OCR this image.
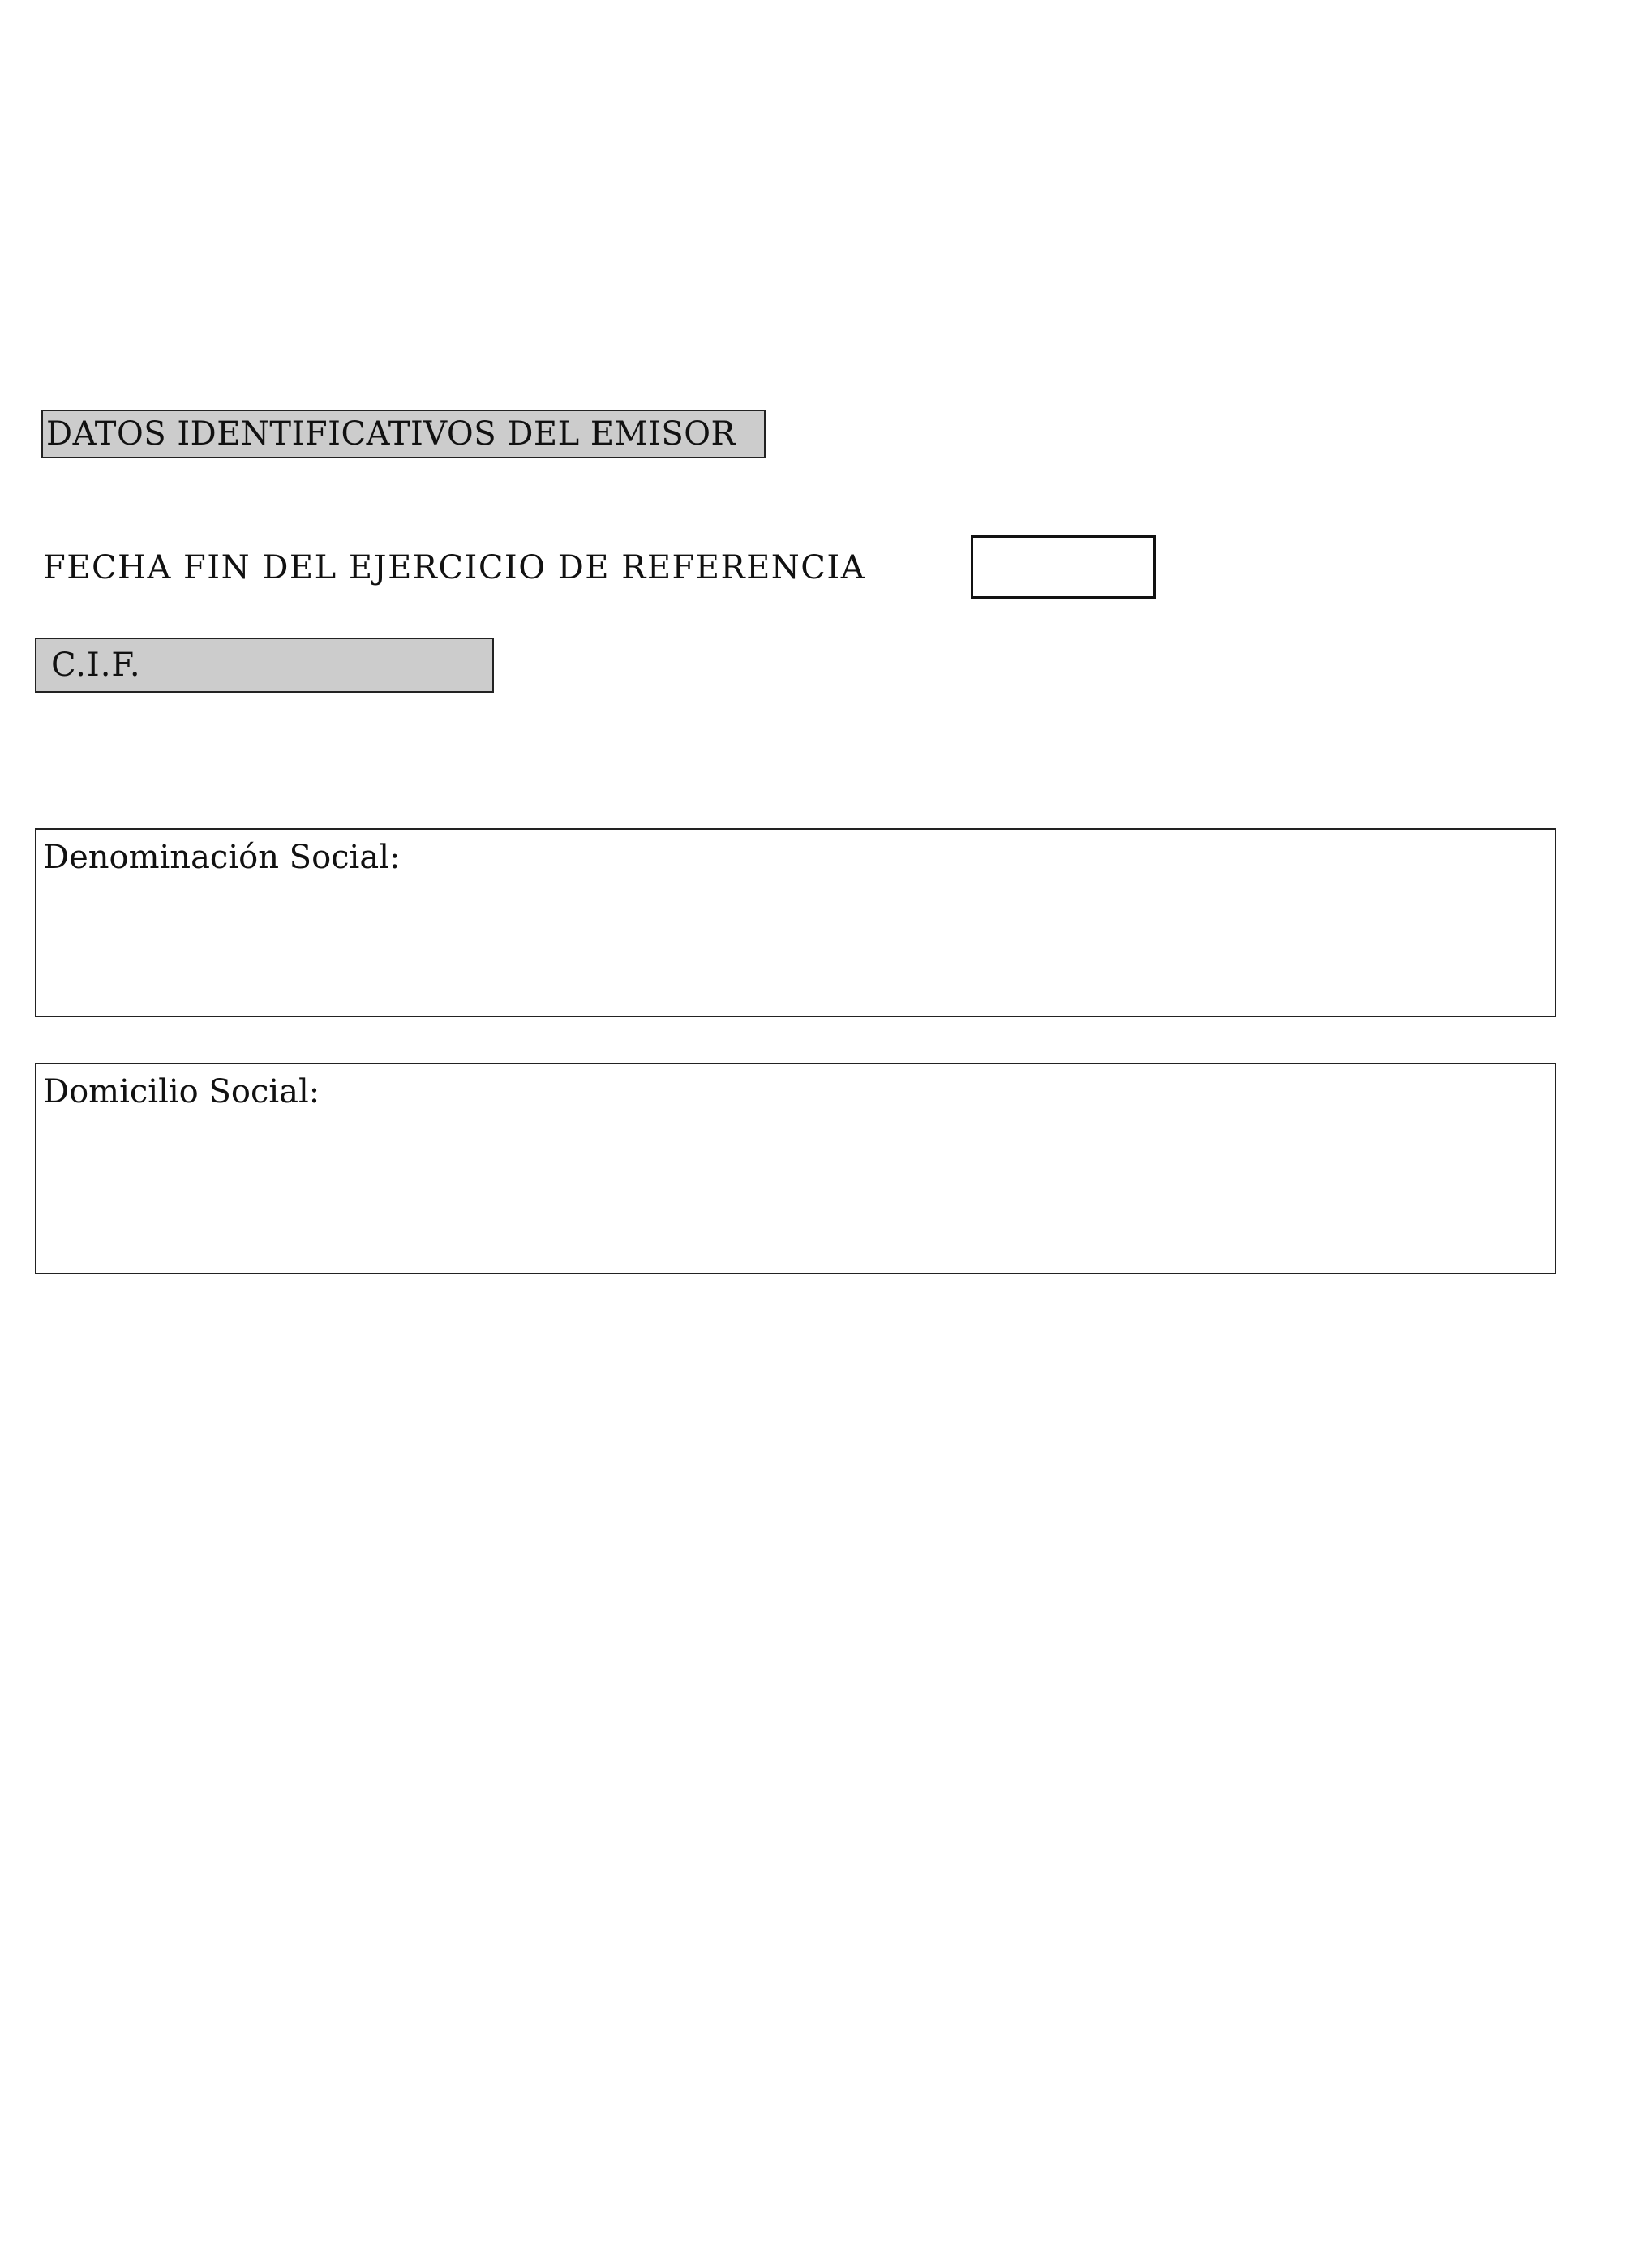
DATOS IDENTIFICATIVOS DEL EMISOR
FECHA FIN DEL EJERCICIO DE REFERENCIA
C.I.F.
Denominación Social:
Domicilio Social:
